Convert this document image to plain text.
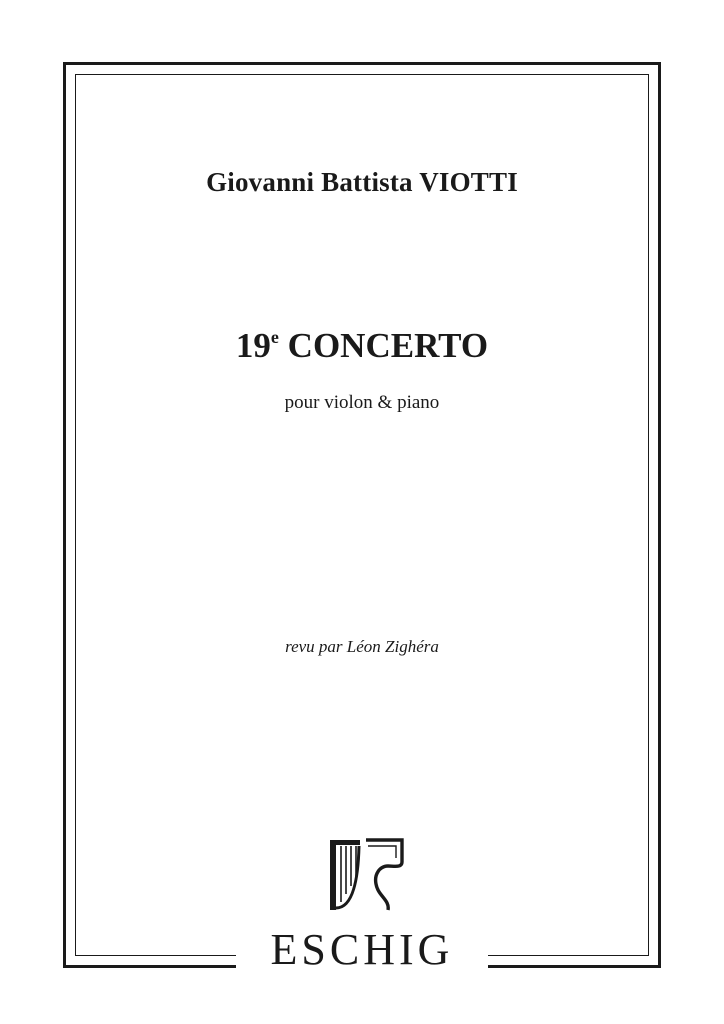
Giovanni Battista VIOTTI
19e CONCERTO

pour violon & piano

revu par Léon Zighéra

ESCHIG
